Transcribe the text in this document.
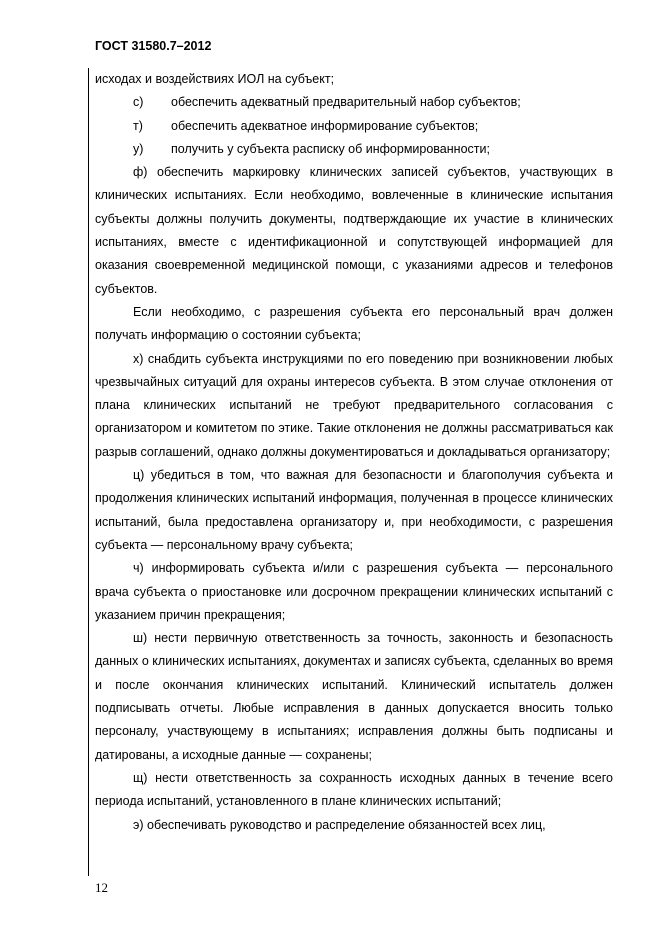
ГОСТ 31580.7–2012

исходах и воздействиях ИОЛ на субъект;

с)	обеспечить адекватный предварительный набор субъектов;
т)	обеспечить адекватное информирование субъектов;
у)	получить у субъекта расписку об информированности;

ф) обеспечить маркировку клинических записей субъектов, участвующих в клинических испытаниях. Если необходимо, вовлеченные в клинические испытания субъекты должны получить документы, подтверждающие их участие в клинических испытаниях, вместе с идентификационной и сопутствующей информацией для оказания своевременной медицинской помощи, с указаниями адресов и телефонов субъектов.

Если необходимо, с разрешения субъекта его персональный врач должен получать информацию о состоянии субъекта;

х) снабдить субъекта инструкциями по его поведению при возникновении любых чрезвычайных ситуаций для охраны интересов субъекта. В этом случае отклонения от плана клинических испытаний не требуют предварительного согласования с организатором и комитетом по этике. Такие отклонения не должны рассматриваться как разрыв соглашений, однако должны документироваться и докладываться организатору;

ц) убедиться в том, что важная для безопасности и благополучия субъекта и продолжения клинических испытаний информация, полученная в процессе клинических испытаний, была предоставлена организатору и, при необходимости, с разрешения субъекта — персональному врачу субъекта;

ч) информировать субъекта и/или с разрешения субъекта — персонального врача субъекта о приостановке или досрочном прекращении клинических испытаний с указанием причин прекращения;

ш) нести первичную ответственность за точность, законность и безопасность данных о клинических испытаниях, документах и записях субъекта, сделанных во время и после окончания клинических испытаний. Клинический испытатель должен подписывать отчеты. Любые исправления в данных допускается вносить только персоналу, участвующему в испытаниях; исправления должны быть подписаны и датированы, а исходные данные — сохранены;

щ) нести ответственность за сохранность исходных данных в течение всего периода испытаний, установленного в плане клинических испытаний;

э) обеспечивать руководство и распределение обязанностей всех лиц,

12
